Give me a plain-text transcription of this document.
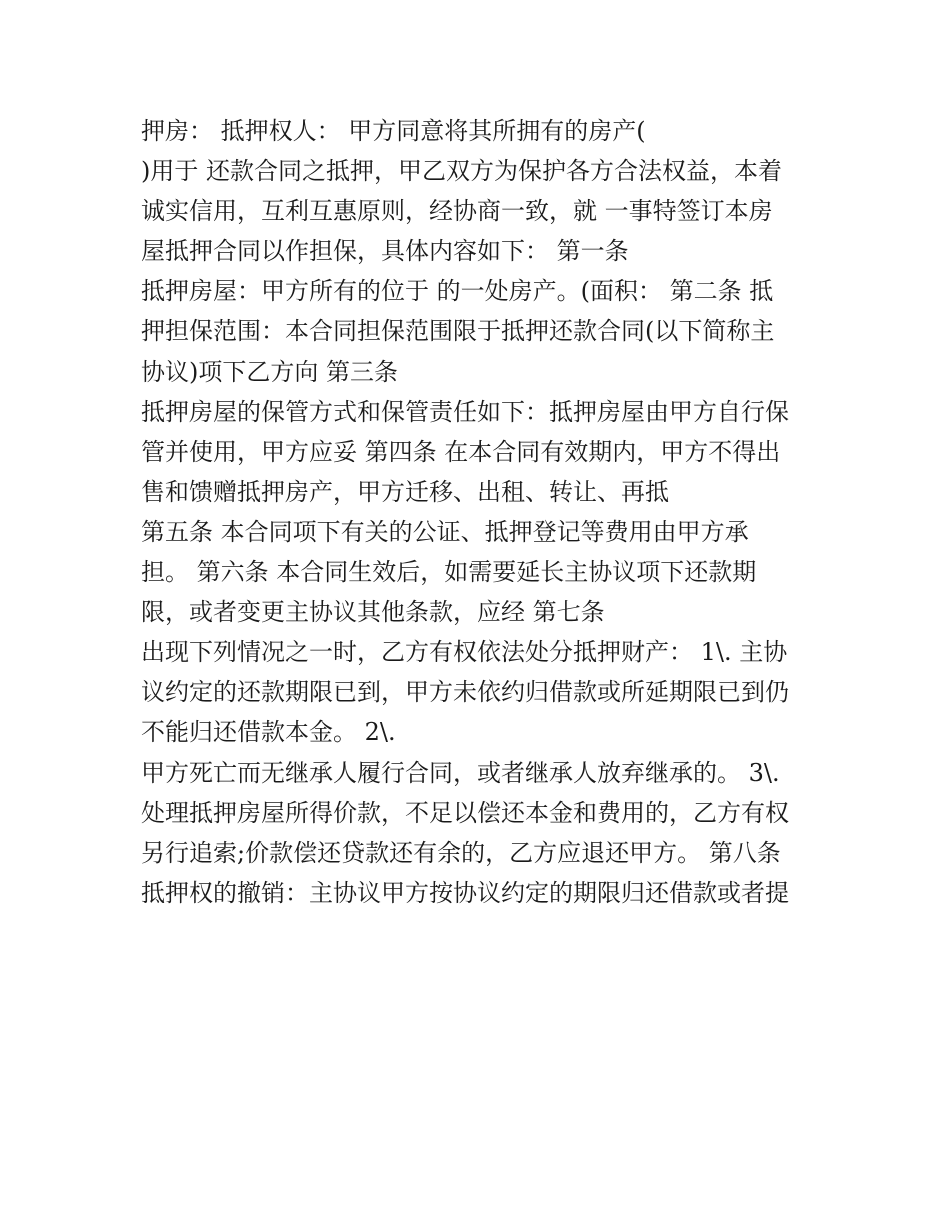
押房： 抵押权人： 甲方同意将其所拥有的房产(
)用于 还款合同之抵押，甲乙双方为保护各方合法权益，本着
诚实信用，互利互惠原则，经协商一致，就 一事特签订本房
屋抵押合同以作担保，具体内容如下： 第一条
抵押房屋：甲方所有的位于 的一处房产。(面积： 第二条 抵
押担保范围：本合同担保范围限于抵押还款合同(以下简称主
协议)项下乙方向 第三条
抵押房屋的保管方式和保管责任如下：抵押房屋由甲方自行保
管并使用，甲方应妥 第四条 在本合同有效期内，甲方不得出
售和馈赠抵押房产，甲方迁移、出租、转让、再抵
第五条 本合同项下有关的公证、抵押登记等费用由甲方承
担。 第六条 本合同生效后，如需要延长主协议项下还款期
限，或者变更主协议其他条款，应经 第七条
出现下列情况之一时，乙方有权依法处分抵押财产： 1\. 主协
议约定的还款期限已到，甲方未依约归借款或所延期限已到仍
不能归还借款本金。 2\.
甲方死亡而无继承人履行合同，或者继承人放弃继承的。 3\.
处理抵押房屋所得价款，不足以偿还本金和费用的，乙方有权
另行追索;价款偿还贷款还有余的，乙方应退还甲方。 第八条
抵押权的撤销：主协议甲方按协议约定的期限归还借款或者提
